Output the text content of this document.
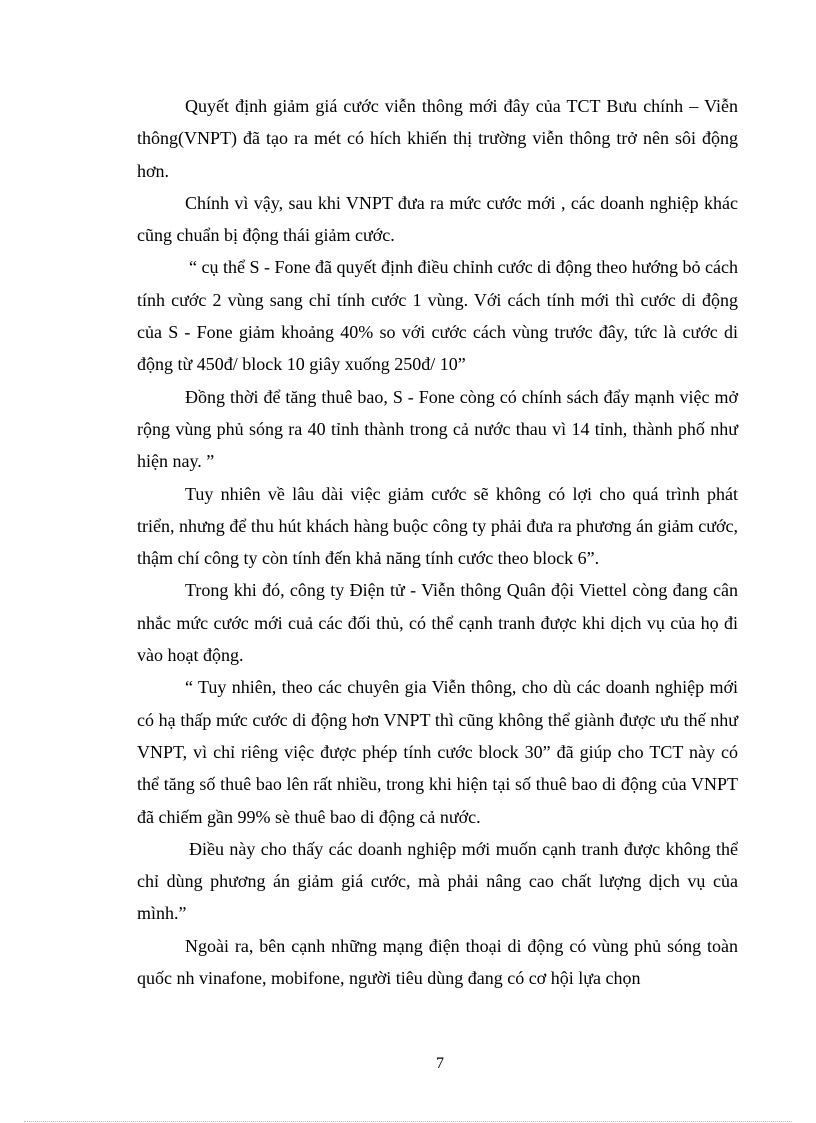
Quyết định giảm giá cước viễn thông mới đây của TCT Bưu chính – Viễn thông(VNPT) đã tạo ra mét có hích khiến thị trường viễn thông trở nên sôi động hơn.

Chính vì vậy, sau khi VNPT đưa ra mức cước mới , các doanh nghiệp khác cũng chuẩn bị động thái giảm cước.

“ cụ thể S - Fone đã quyết định điều chỉnh cước di động theo hướng bỏ cách tính cước 2 vùng sang chỉ tính cước 1 vùng. Với cách tính mới thì cước di động của S - Fone giảm khoảng 40% so với cước cách vùng trước đây, tức là cước di động từ 450đ/ block 10 giây xuống 250đ/ 10”

Đồng thời để tăng thuê bao, S - Fone còng có chính sách đẩy mạnh việc mở rộng vùng phủ sóng ra 40 tỉnh thành trong cả nước thau vì 14 tỉnh, thành phố như hiện nay. ”

Tuy nhiên về lâu dài việc giảm cước sẽ không có lợi cho quá trình phát triển, nhưng để thu hút khách hàng buộc công ty phải đưa ra phương án giảm cước, thậm chí công ty còn tính đến khả năng tính cước theo block 6”.

Trong khi đó, công ty Điện tử - Viễn thông Quân đội Viettel còng đang cân nhắc mức cước mới cuả các đối thủ, có thể cạnh tranh được khi dịch vụ của họ đi vào hoạt động.

“ Tuy nhiên, theo các chuyên gia Viễn thông, cho dù các doanh nghiệp mới có hạ thấp mức cước di động hơn VNPT thì cũng không thể giành được ưu thế như VNPT, vì chỉ riêng việc được phép tính cước block 30” đã giúp cho TCT này có thể tăng số thuê bao lên rất nhiều, trong khi hiện tại số thuê bao di động của VNPT đã chiếm gần 99% sè thuê bao di động cả nước.

Điều này cho thấy các doanh nghiệp mới muốn cạnh tranh được không thể chỉ dùng phương án giảm giá cước, mà phải nâng cao chất lượng dịch vụ của mình.”

Ngoài ra, bên cạnh những mạng điện thoại di động có vùng phủ sóng toàn quốc nh vinafone, mobifone, người tiêu dùng đang có cơ hội lựa chọn

7
